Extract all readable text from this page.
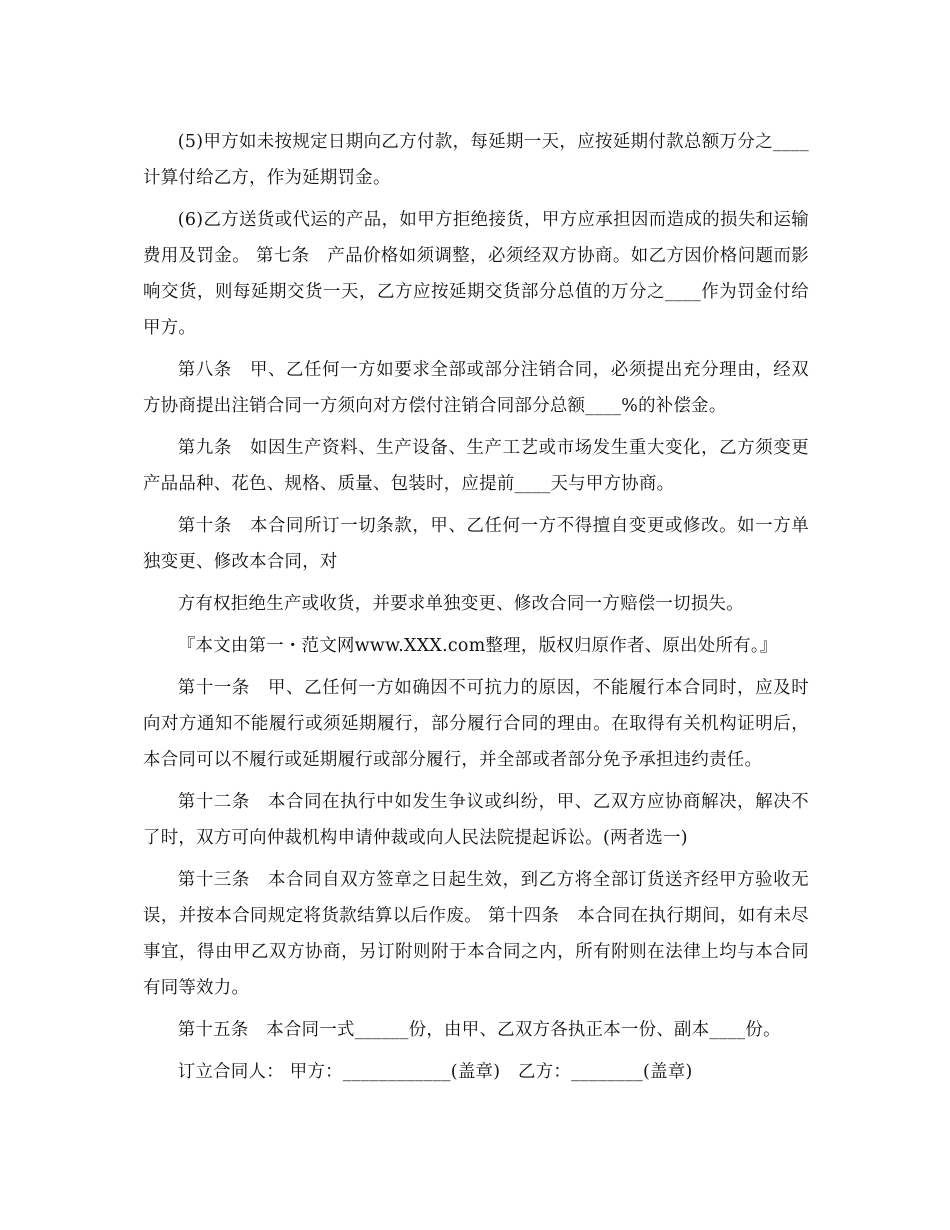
(5)甲方如未按规定日期向乙方付款，每延期一天，应按延期付款总额万分之____计算付给乙方，作为延期罚金。

(6)乙方送货或代运的产品，如甲方拒绝接货，甲方应承担因而造成的损失和运输费用及罚金。 第七条　产品价格如须调整，必须经双方协商。如乙方因价格问题而影响交货，则每延期交货一天，乙方应按延期交货部分总值的万分之____作为罚金付给甲方。

第八条　甲、乙任何一方如要求全部或部分注销合同，必须提出充分理由，经双方协商提出注销合同一方须向对方偿付注销合同部分总额____%的补偿金。

第九条　如因生产资料、生产设备、生产工艺或市场发生重大变化，乙方须变更产品品种、花色、规格、质量、包装时，应提前____天与甲方协商。

第十条　本合同所订一切条款，甲、乙任何一方不得擅自变更或修改。如一方单独变更、修改本合同，对

方有权拒绝生产或收货，并要求单独变更、修改合同一方赔偿一切损失。

『本文由第一・范文网www.XXX.com整理，版权归原作者、原出处所有。』

第十一条　甲、乙任何一方如确因不可抗力的原因，不能履行本合同时，应及时向对方通知不能履行或须延期履行，部分履行合同的理由。在取得有关机构证明后，本合同可以不履行或延期履行或部分履行，并全部或者部分免予承担违约责任。

第十二条　本合同在执行中如发生争议或纠纷，甲、乙双方应协商解决，解决不了时，双方可向仲裁机构申请仲裁或向人民法院提起诉讼。(两者选一)

第十三条　本合同自双方签章之日起生效，到乙方将全部订货送齐经甲方验收无误，并按本合同规定将货款结算以后作废。 第十四条　本合同在执行期间，如有未尽事宜，得由甲乙双方协商，另订附则附于本合同之内，所有附则在法律上均与本合同有同等效力。

第十五条　本合同一式______份，由甲、乙双方各执正本一份、副本____份。

订立合同人： 甲方：____________(盖章)　乙方：________(盖章)
